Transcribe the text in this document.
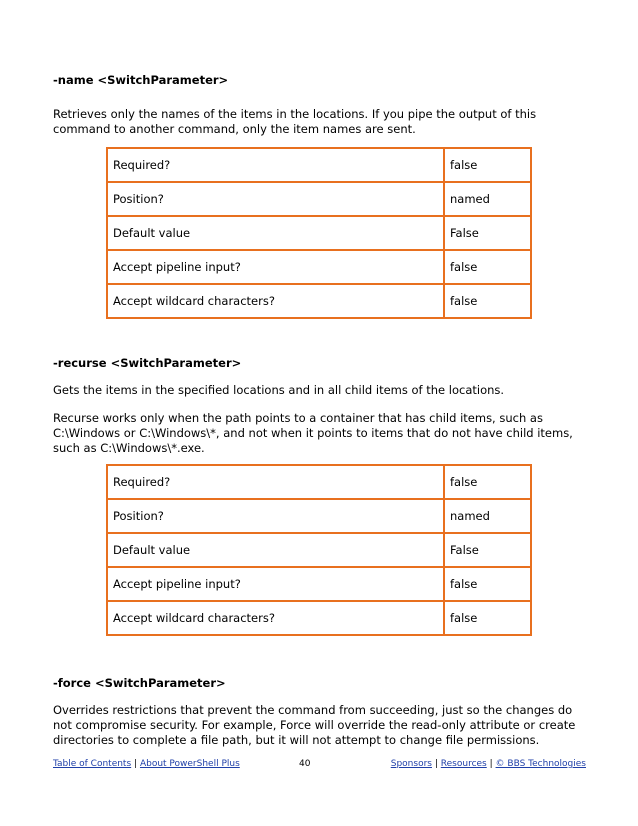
-name <SwitchParameter>
Retrieves only the names of the items in the locations. If you pipe the output of this command to another command, only the item names are sent.
Required?	false
Position?	named
Default value	False
Accept pipeline input?	false
Accept wildcard characters?	false
-recurse <SwitchParameter>
Gets the items in the specified locations and in all child items of the locations.
Recurse works only when the path points to a container that has child items, such as C:\Windows or C:\Windows\*, and not when it points to items that do not have child items, such as C:\Windows\*.exe.
Required?	false
Position?	named
Default value	False
Accept pipeline input?	false
Accept wildcard characters?	false
-force <SwitchParameter>
Overrides restrictions that prevent the command from succeeding, just so the changes do not compromise security. For example, Force will override the read-only attribute or create directories to complete a file path, but it will not attempt to change file permissions.
Table of Contents | About PowerShell Plus	40	Sponsors | Resources | © BBS Technologies
